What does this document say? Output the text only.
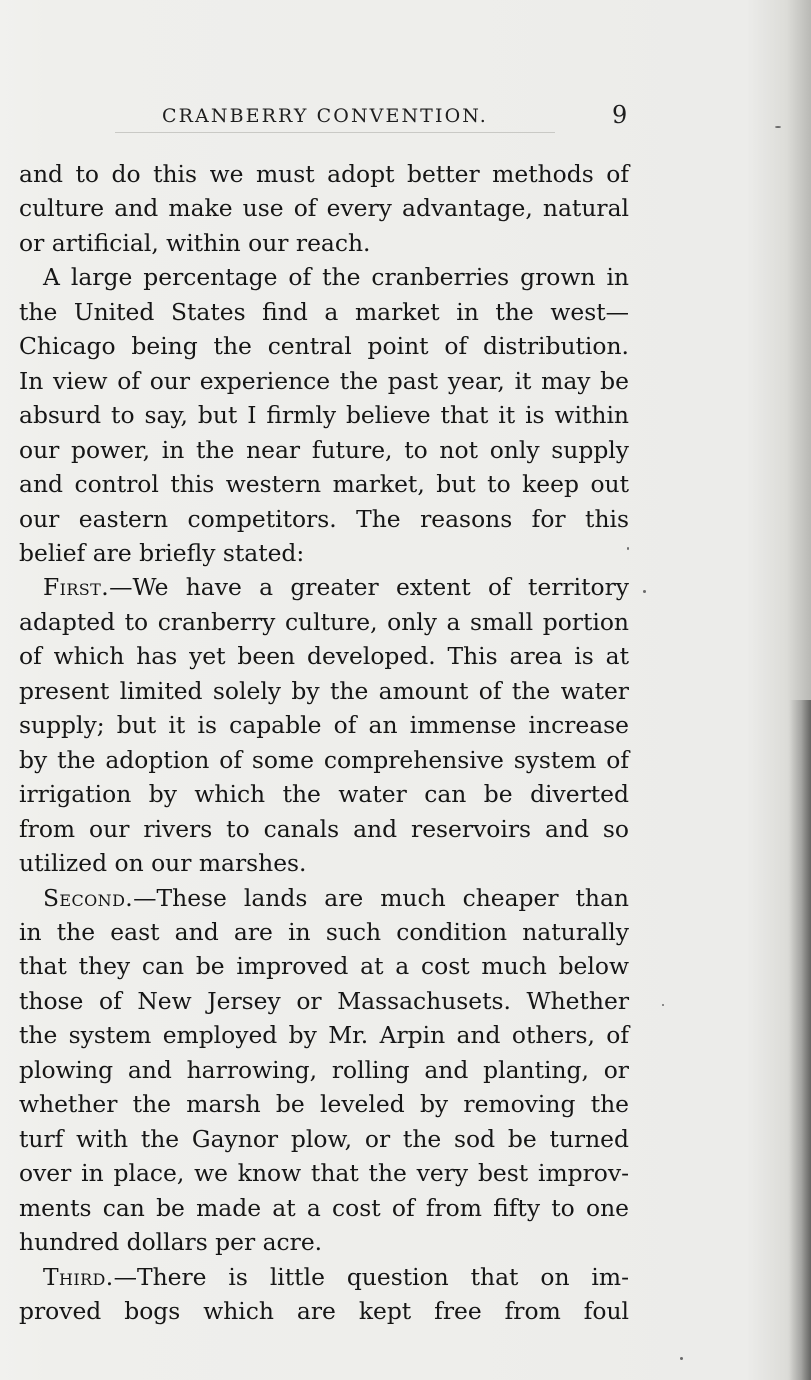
CRANBERRY CONVENTION.	9
and to do this we must adopt better methods of
culture and make use of every advantage, natural
or artificial, within our reach.
A large percentage of the cranberries grown in
the United States find a market in the west—
Chicago being the central point of distribution.
In view of our experience the past year, it may be
absurd to say, but I firmly believe that it is within
our power, in the near future, to not only supply
and control this western market, but to keep out
our eastern competitors. The reasons for this
belief are briefly stated:
First.—We have a greater extent of territory
adapted to cranberry culture, only a small portion
of which has yet been developed. This area is at
present limited solely by the amount of the water
supply; but it is capable of an immense increase
by the adoption of some comprehensive system of
irrigation by which the water can be diverted
from our rivers to canals and reservoirs and so
utilized on our marshes.
Second.—These lands are much cheaper than
in the east and are in such condition naturally
that they can be improved at a cost much below
those of New Jersey or Massachusets. Whether
the system employed by Mr. Arpin and others, of
plowing and harrowing, rolling and planting, or
whether the marsh be leveled by removing the
turf with the Gaynor plow, or the sod be turned
over in place, we know that the very best improv-
ments can be made at a cost of from fifty to one
hundred dollars per acre.
Third.—There is little question that on im-
proved bogs which are kept free from foul
